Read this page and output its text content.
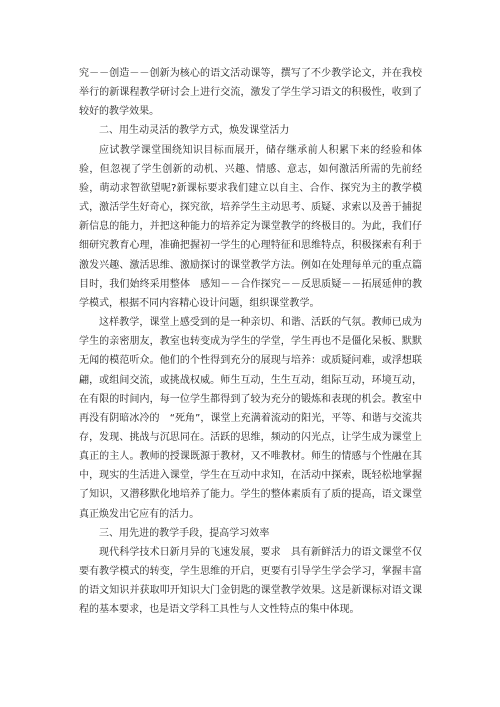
究－－创造－－创新为核心的语文活动课等，撰写了不少教学论文，并在我校举行的新课程教学研讨会上进行交流，激发了学生学习语文的积极性，收到了较好的教学效果。

二、用生动灵活的教学方式，焕发课堂活力

应试教学课堂围绕知识目标而展开，储存继承前人积累下来的经验和体验，但忽视了学生创新的动机、兴趣、情感、意志，如何激活所需的先前经验，萌动求智欲望呢?新课标要求我们建立以自主、合作、探究为主的教学模式，激活学生好奇心，探究欲，培养学生主动思考、质疑、求索以及善于捕捉新信息的能力，并把这种能力的培养定为课堂教学的终极目的。为此，我们仔细研究教育心理，准确把握初一学生的心理特征和思维特点，积极探索有利于激发兴趣、激活思维、激励探讨的课堂教学方法。例如在处理每单元的重点篇目时，我们始终采用整体　感知－－合作探究－－反思质疑－－拓展延伸的教学模式，根据不同内容精心设计问题，组织课堂教学。

这样教学，课堂上感受到的是一种亲切、和谐、活跃的气氛。教师已成为学生的亲密朋友，教室也转变成为学生的学堂，学生再也不是僵化呆板、默默无闻的模范听众。他们的个性得到充分的展现与培养：或质疑问难，或浮想联翩，或组间交流，或挑战权威。师生互动，生生互动，组际互动，环境互动，在有限的时间内，每一位学生都得到了较为充分的锻炼和表现的机会。教室中再没有阴暗冰冷的　“死角”，课堂上充满着流动的阳光，平等、和谐与交流共存，发现、挑战与沉思同在。活跃的思维，频动的闪光点，让学生成为课堂上真正的主人。教师的授课既源于教材，又不唯教材。师生的情感与个性融在其中，现实的生活进入课堂，学生在互动中求知，在活动中探索，既轻松地掌握了知识，又潜移默化地培养了能力。学生的整体素质有了质的提高，语文课堂真正焕发出它应有的活力。

三、用先进的教学手段，提高学习效率

现代科学技术日新月异的飞速发展，要求　具有新鲜活力的语文课堂不仅要有教学模式的转变，学生思维的开启，更要有引导学生学会学习，掌握丰富的语文知识并获取叩开知识大门金钥匙的课堂教学效果。这是新课标对语文课程的基本要求，也是语文学科工具性与人文性特点的集中体现。
